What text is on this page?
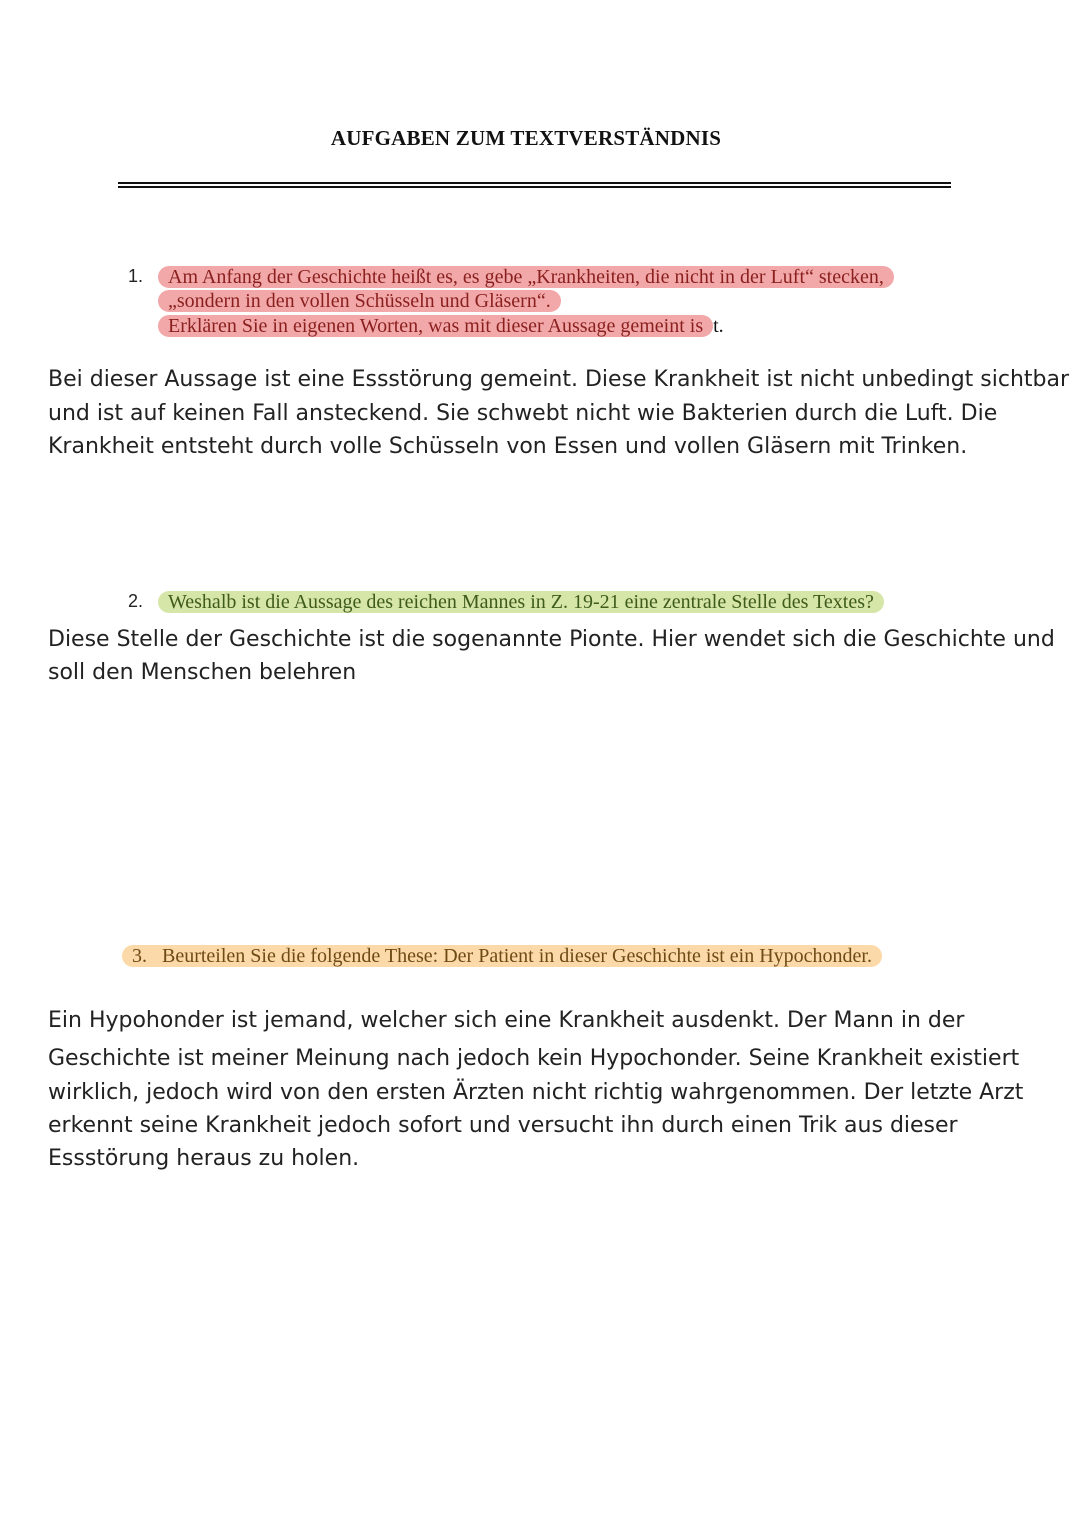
AUFGABEN ZUM TEXTVERSTÄNDNIS
1.	Am Anfang der Geschichte heißt es, es gebe „Krankheiten, die nicht in der Luft“ stecken,
„sondern in den vollen Schüsseln und Gläsern“.
Erklären Sie in eigenen Worten, was mit dieser Aussage gemeint is t.
Bei dieser Aussage ist eine Essstörung gemeint. Diese Krankheit ist nicht unbedingt sichtbar
und ist auf keinen Fall ansteckend. Sie schwebt nicht wie Bakterien durch die Luft. Die
Krankheit entsteht durch volle Schüsseln von Essen und vollen Gläsern mit Trinken.
2.	Weshalb ist die Aussage des reichen Mannes in Z. 19-21 eine zentrale Stelle des Textes?
Diese Stelle der Geschichte ist die sogenannte Pionte. Hier wendet sich die Geschichte und
soll den Menschen belehren
3. Beurteilen Sie die folgende These: Der Patient in dieser Geschichte ist ein Hypochonder.
Ein Hypohonder ist jemand, welcher sich eine Krankheit ausdenkt. Der Mann in der
Geschichte ist meiner Meinung nach jedoch kein Hypochonder. Seine Krankheit existiert
wirklich, jedoch wird von den ersten Ärzten nicht richtig wahrgenommen. Der letzte Arzt
erkennt seine Krankheit jedoch sofort und versucht ihn durch einen Trik aus dieser
Essstörung heraus zu holen.
